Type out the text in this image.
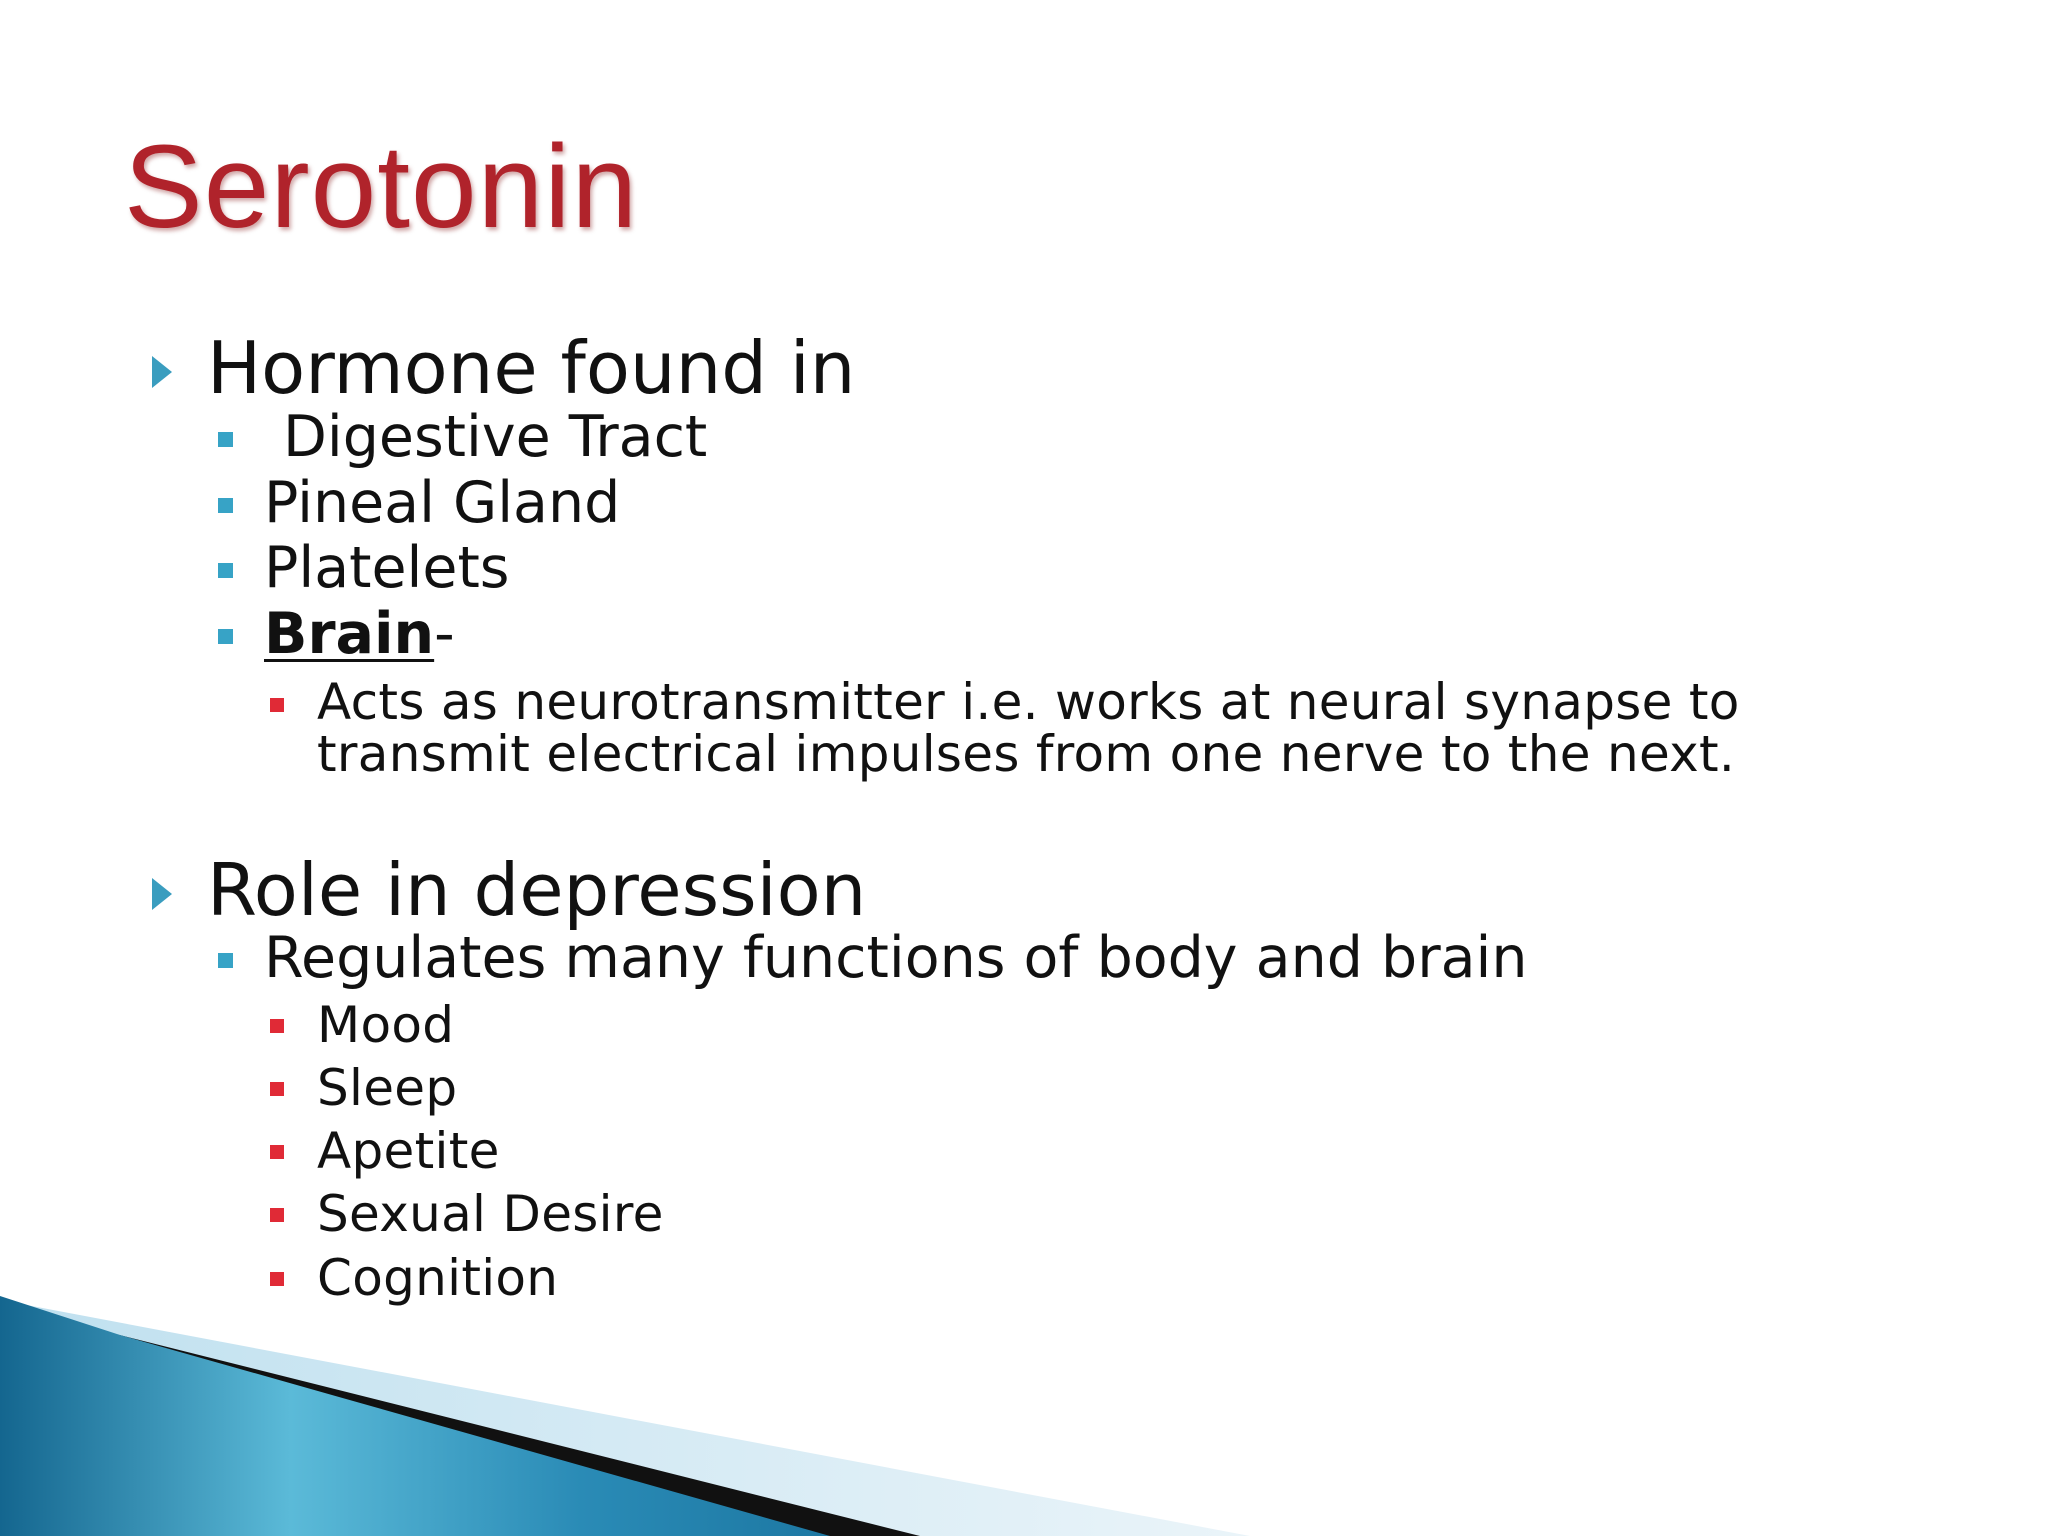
Serotonin
Hormone found in
Digestive Tract
Pineal Gland
Platelets
Brain-
Acts as neurotransmitter i.e. works at neural synapse to
transmit electrical impulses from one nerve to the next.
Role in depression
Regulates many functions of body and brain
Mood
Sleep
Apetite
Sexual Desire
Cognition
